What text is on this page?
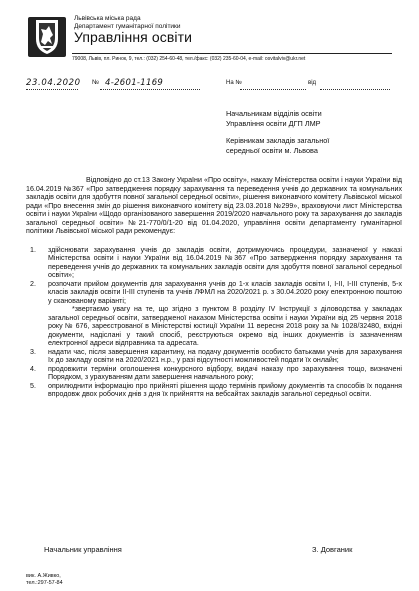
Львівська міська рада
Департамент гуманітарної політики
Управління освіти
79008, Львів, пл. Ринок, 9, тел.: (032) 254-60-48, тел./факс: (032) 235-60-04, e-mail: osvitalviv@ukr.net
23.04.2020 № 4-2601-1169	На №	від
Начальникам відділів освіти
Управління освіти ДГП ЛМР
Керівникам закладів загальної
середньої освіти м. Львова

Відповідно до ст.13 Закону України «Про освіту», наказу Міністерства освіти і науки України від 16.04.2019 №367 «Про затвердження порядку зарахування та переведення учнів до державних та комунальних закладів освіти для здобуття повної загальної середньої освіти», рішення виконавчого комітету Львівської міської ради «Про внесення змін до рішення виконавчого комітету від 23.03.2018 №299», враховуючи лист Міністерства освіти і науки України «Щодо організованого завершення 2019/2020 навчального року та зарахування до закладів загальної середньої освіти» №21-770/0/1-20 від 01.04.2020, управління освіти департаменту гуманітарної політики Львівської міської ради рекомендує:

1. здійснювати зарахування учнів до закладів освіти, дотримуючись процедури, зазначеної у наказі Міністерства освіти і науки України від 16.04.2019 №367 «Про затвердження порядку зарахування та переведення учнів до державних та комунальних закладів освіти для здобуття повної загальної середньої освіти»;
2. розпочати прийом документів для зарахування учнів до 1-х класів закладів освіти І, І-ІІ, І-ІІІ ступенів, 5-х класів закладів освіти ІІ-ІІІ ступенів та учнів ЛФМЛ на 2020/2021 р. з 30.04.2020 року електронною поштою у сканованому варіанті;

*звертаємо увагу на те, що згідно з пунктом 8 розділу IV Інструкції з діловодства у закладах загальної середньої освіти, затвердженої наказом Міністерства освіти і науки України від 25 червня 2018 року № 676, зареєстрованої в Міністерстві юстиції України 11 вересня 2018 року за № 1028/32480, вхідні документи, надіслані у такий спосіб, реєструються окремо від інших документів із зазначенням електронної адреси відправника та адресата.

3. надати час, після завершення карантину, на подачу документів особисто батьками учнів для зарахування їх до закладу освіти на 2020/2021 н.р., у разі відсутності можливостей подати їх онлайн;
4. продовжити терміни оголошення конкурсного відбору, видачі наказу про зарахування тощо, визначені Порядком, з урахуванням дати завершення навчального року;
5. оприлюднити інформацію про прийняті рішення щодо термінів прийому документів та способів їх подання впродовж двох робочих днів з дня їх прийняття на вебсайтах закладів загальної середньої освіти.
Начальник управління	З. Довганик
вик. А.Живко,
тел.:297-57-84
